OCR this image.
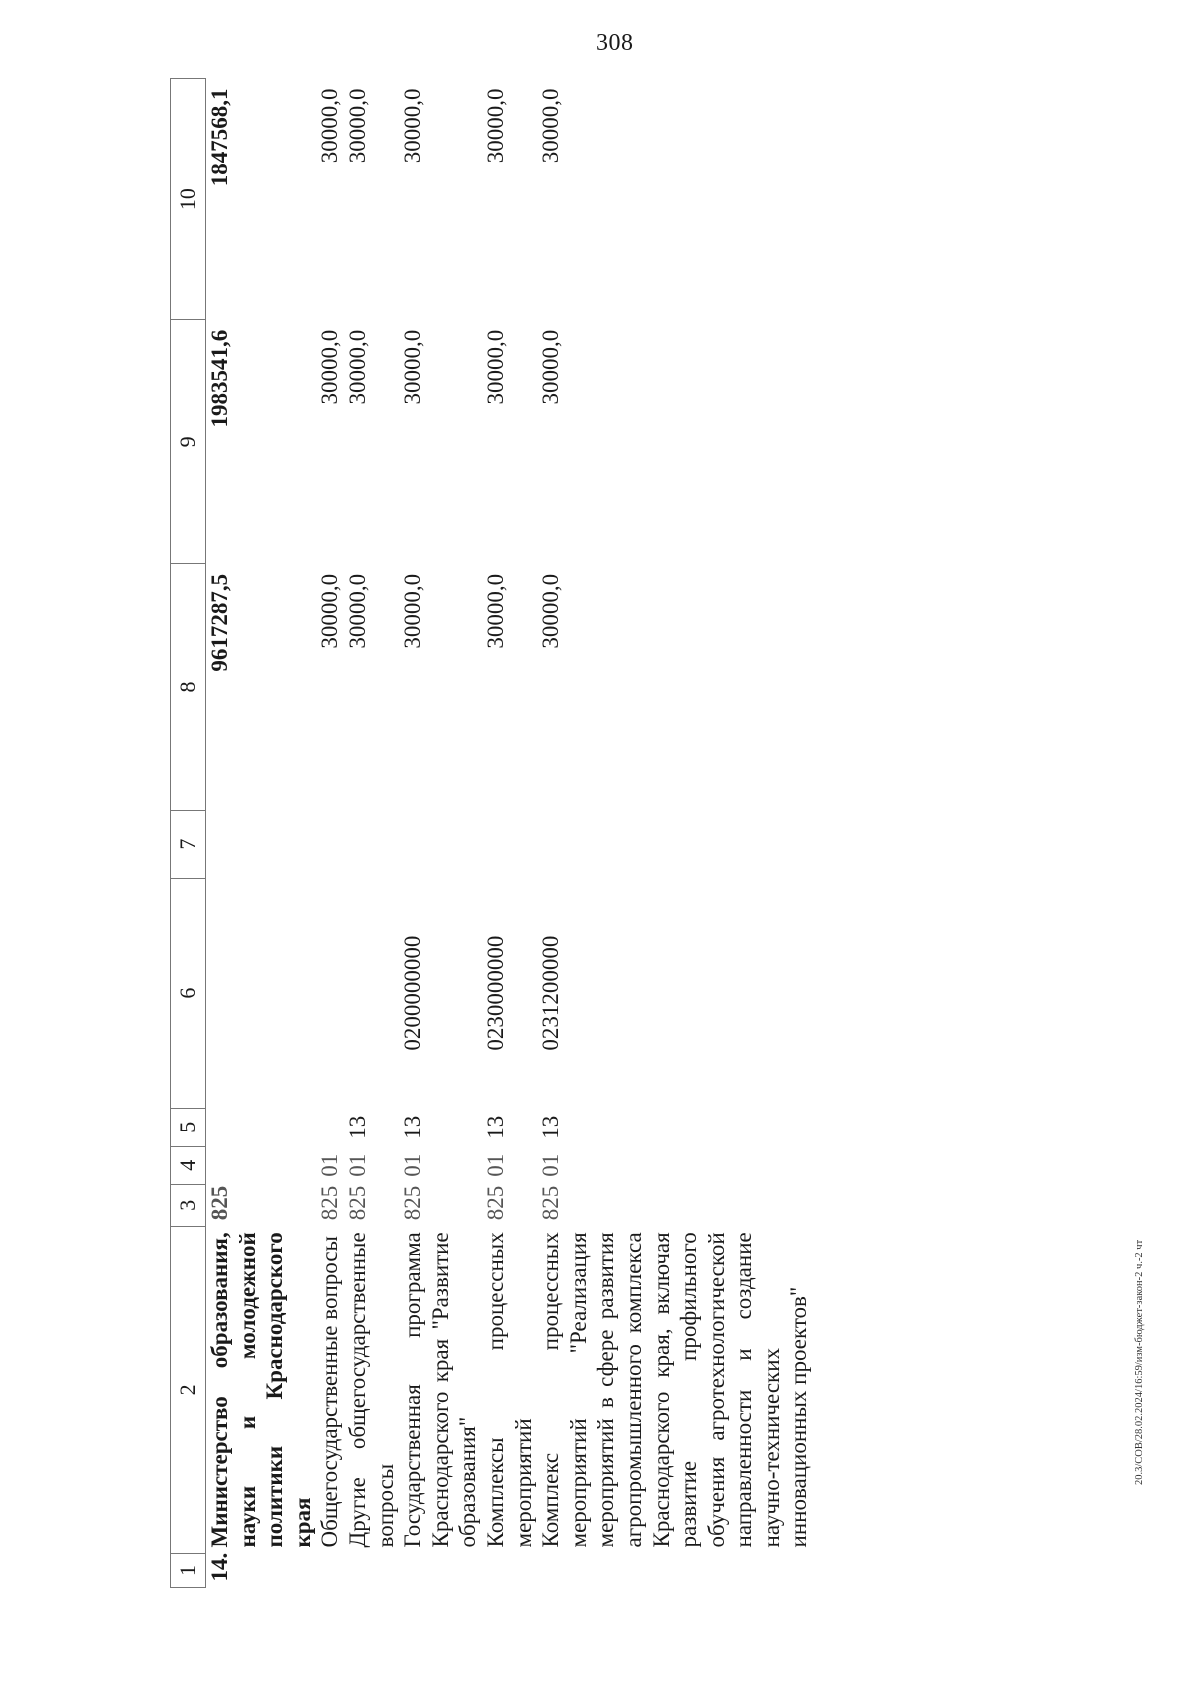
308
20.3/СОВ/28.02.2024/16:59/изм-бюджет-закон-2 ч.-2 чт
1	2	3	4	5	6	7	8	9	10
14.	Министерство образования, науки и молодежной политики Краснодарского края	825					9617287,5	1983541,6	1847568,1
	Общегосударственные вопросы	825	01				30000,0	30000,0	30000,0
	Другие общегосударственные вопросы	825	01	13			30000,0	30000,0	30000,0
	Государственная программа Краснодарского края "Развитие образования"	825	01	13	0200000000		30000,0	30000,0	30000,0
	Комплексы процессных мероприятий	825	01	13	0230000000		30000,0	30000,0	30000,0
	Комплекс процессных мероприятий "Реализация мероприятий в сфере развития агропромышленного комплекса Краснодарского края, включая развитие профильного обучения агротехнологической направленности и создание научно-технических инновационных проектов"	825	01	13	0231200000		30000,0	30000,0	30000,0
